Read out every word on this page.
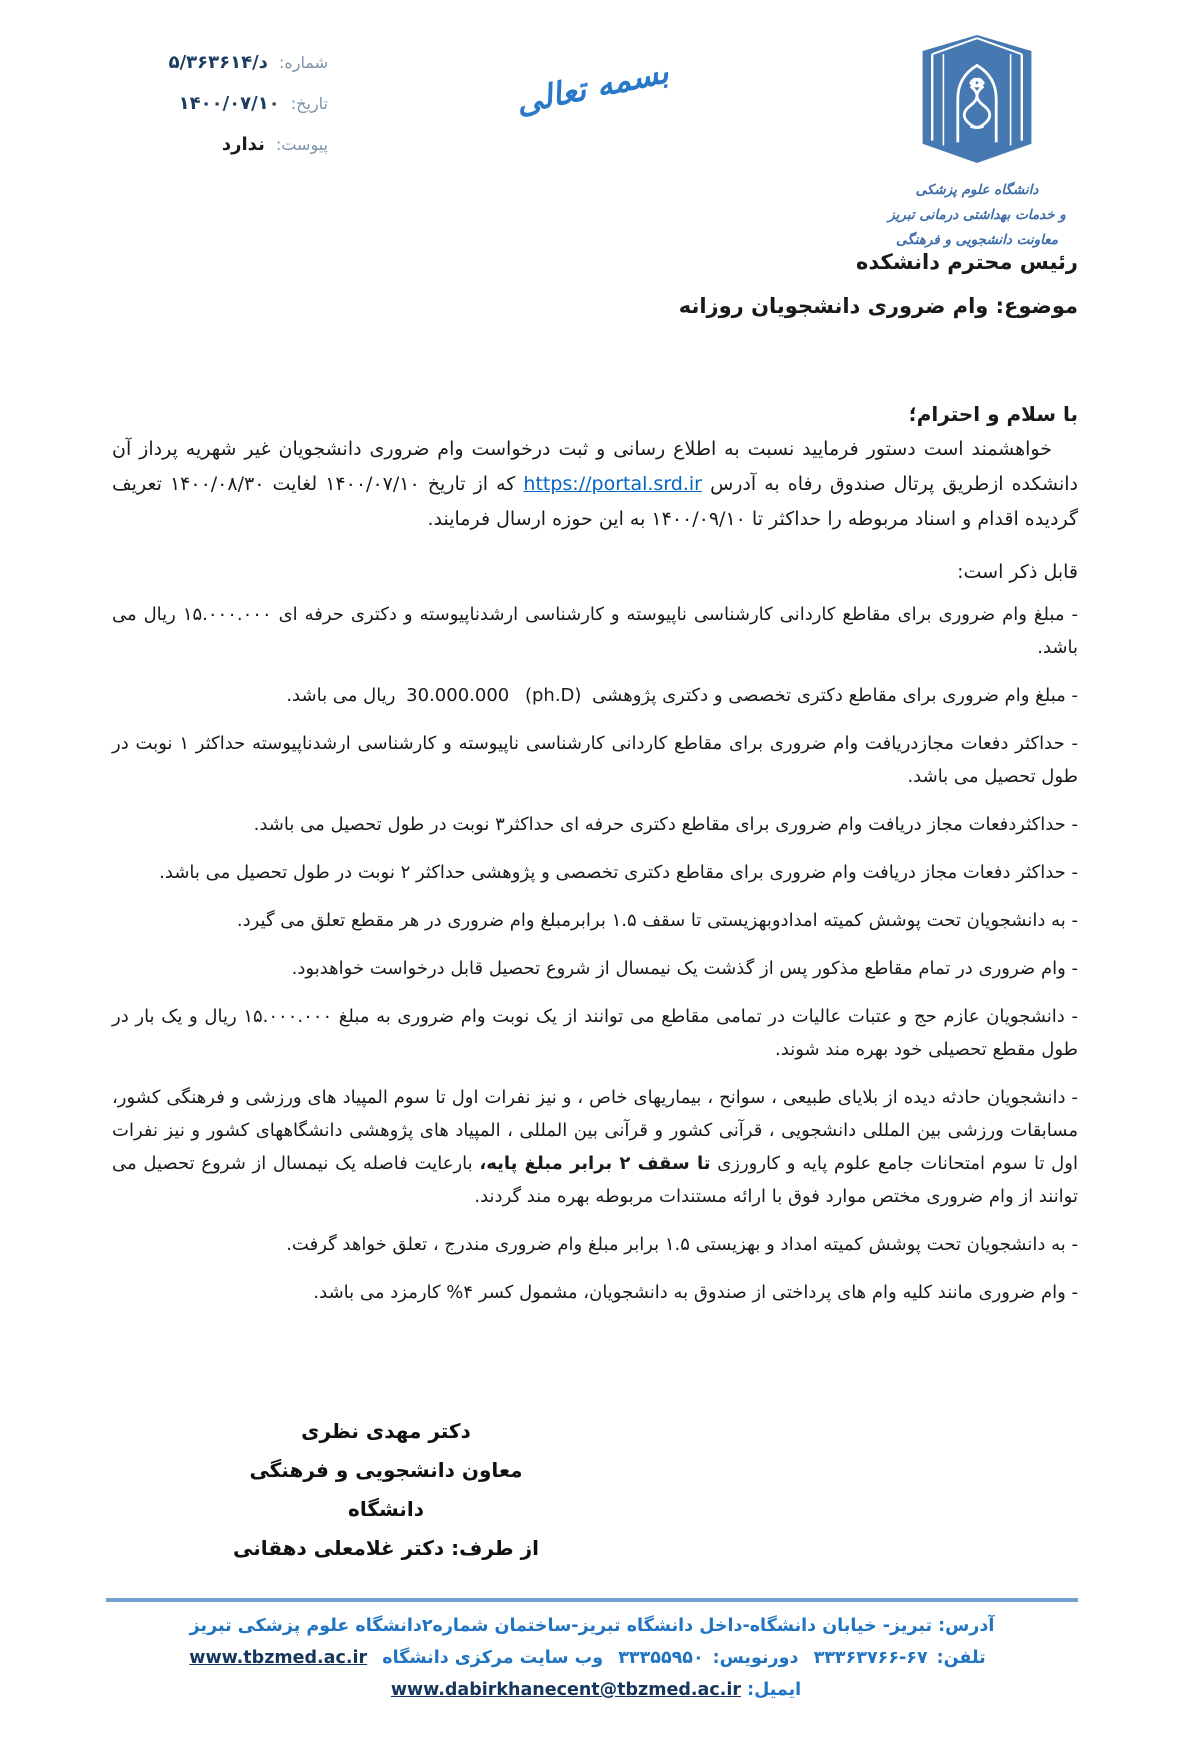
شماره: ۵/د/۳۶۳۶۱۴
تاریخ: ۱۴۰۰/۰۷/۱۰
پیوست: ندارد
بسمه تعالی
دانشگاه علوم پزشکی
و خدمات بهداشتی درمانی تبریز
معاونت دانشجویی و فرهنگی
رئیس محترم دانشکده
موضوع: وام ضروری دانشجویان روزانه

با سلام و احترام؛

خواهشمند است دستور فرمایید نسبت به اطلاع رسانی و ثبت درخواست وام ضروری دانشجویان غیر شهریه پرداز آن دانشکده ازطریق پرتال صندوق رفاه به آدرس https://portal.srd.ir که از تاریخ ۱۴۰۰/۰۷/۱۰ لغایت ۱۴۰۰/۰۸/۳۰ تعریف گردیده اقدام و اسناد مربوطه را حداکثر تا ۱۴۰۰/۰۹/۱۰ به این حوزه ارسال فرمایند.

قابل ذکر است:

- مبلغ وام ضروری برای مقاطع کاردانی کارشناسی ناپیوسته و کارشناسی ارشدناپیوسته و دکتری حرفه ای ۱۵.۰۰۰.۰۰۰ ریال می باشد.

- مبلغ وام ضروری برای مقاطع دکتری تخصصی و دکتری پژوهشی (ph.D) 30.000.000 ریال می باشد.

- حداکثر دفعات مجازدریافت وام ضروری برای مقاطع کاردانی کارشناسی ناپیوسته و کارشناسی ارشدناپیوسته حداکثر ۱ نوبت در طول تحصیل می باشد.

- حداکثردفعات مجاز دریافت وام ضروری برای مقاطع دکتری حرفه ای حداکثر۳ نوبت در طول تحصیل می باشد.

- حداکثر دفعات مجاز دریافت وام ضروری برای مقاطع دکتری تخصصی و پژوهشی حداکثر ۲ نوبت در طول تحصیل می باشد.

- به دانشجویان تحت پوشش کمیته امدادوبهزیستی تا سقف ۱.۵ برابرمبلغ وام ضروری در هر مقطع تعلق می گیرد.

- وام ضروری در تمام مقاطع مذکور پس از گذشت یک نیمسال از شروع تحصیل قابل درخواست خواهدبود.

- دانشجویان عازم حج و عتبات عالیات در تمامی مقاطع می توانند از یک نوبت وام ضروری به مبلغ ۱۵.۰۰۰.۰۰۰ ریال و یک بار در طول مقطع تحصیلی خود بهره مند شوند.

- دانشجویان حادثه دیده از بلایای طبیعی ، سوانح ، بیماریهای خاص ، و نیز نفرات اول تا سوم المپیاد های ورزشی و فرهنگی کشور، مسابقات ورزشی بین المللی دانشجویی ، قرآنی کشور و قرآنی بین المللی ، المپیاد های پژوهشی دانشگاههای کشور و نیز نفرات اول تا سوم امتحانات جامع علوم پایه و کارورزی تا سقف ۲ برابر مبلغ پایه، بارعایت فاصله یک نیمسال از شروع تحصیل می توانند از وام ضروری مختص موارد فوق با ارائه مستندات مربوطه بهره مند گردند.

- به دانشجویان تحت پوشش کمیته امداد و بهزیستی ۱.۵ برابر مبلغ وام ضروری مندرج ، تعلق خواهد گرفت.

- وام ضروری مانند کلیه وام های پرداختی از صندوق به دانشجویان، مشمول کسر ۴% کارمزد می باشد.

دکتر مهدی نظری
معاون دانشجویی و فرهنگی دانشگاه
از طرف: دکتر غلامعلی دهقانی
آدرس: تبریز- خیابان دانشگاه-داخل دانشگاه تبریز-ساختمان شماره۲دانشگاه علوم پزشکی تبریز
تلفن:۶۷-۳۳۳۶۳۷۶۶ دورنویس:۳۳۳۵۵۹۵۰ وب سایت مرکزی دانشگاه www.tbzmed.ac.ir
ایمیل: www.dabirkhanecent@tbzmed.ac.ir
